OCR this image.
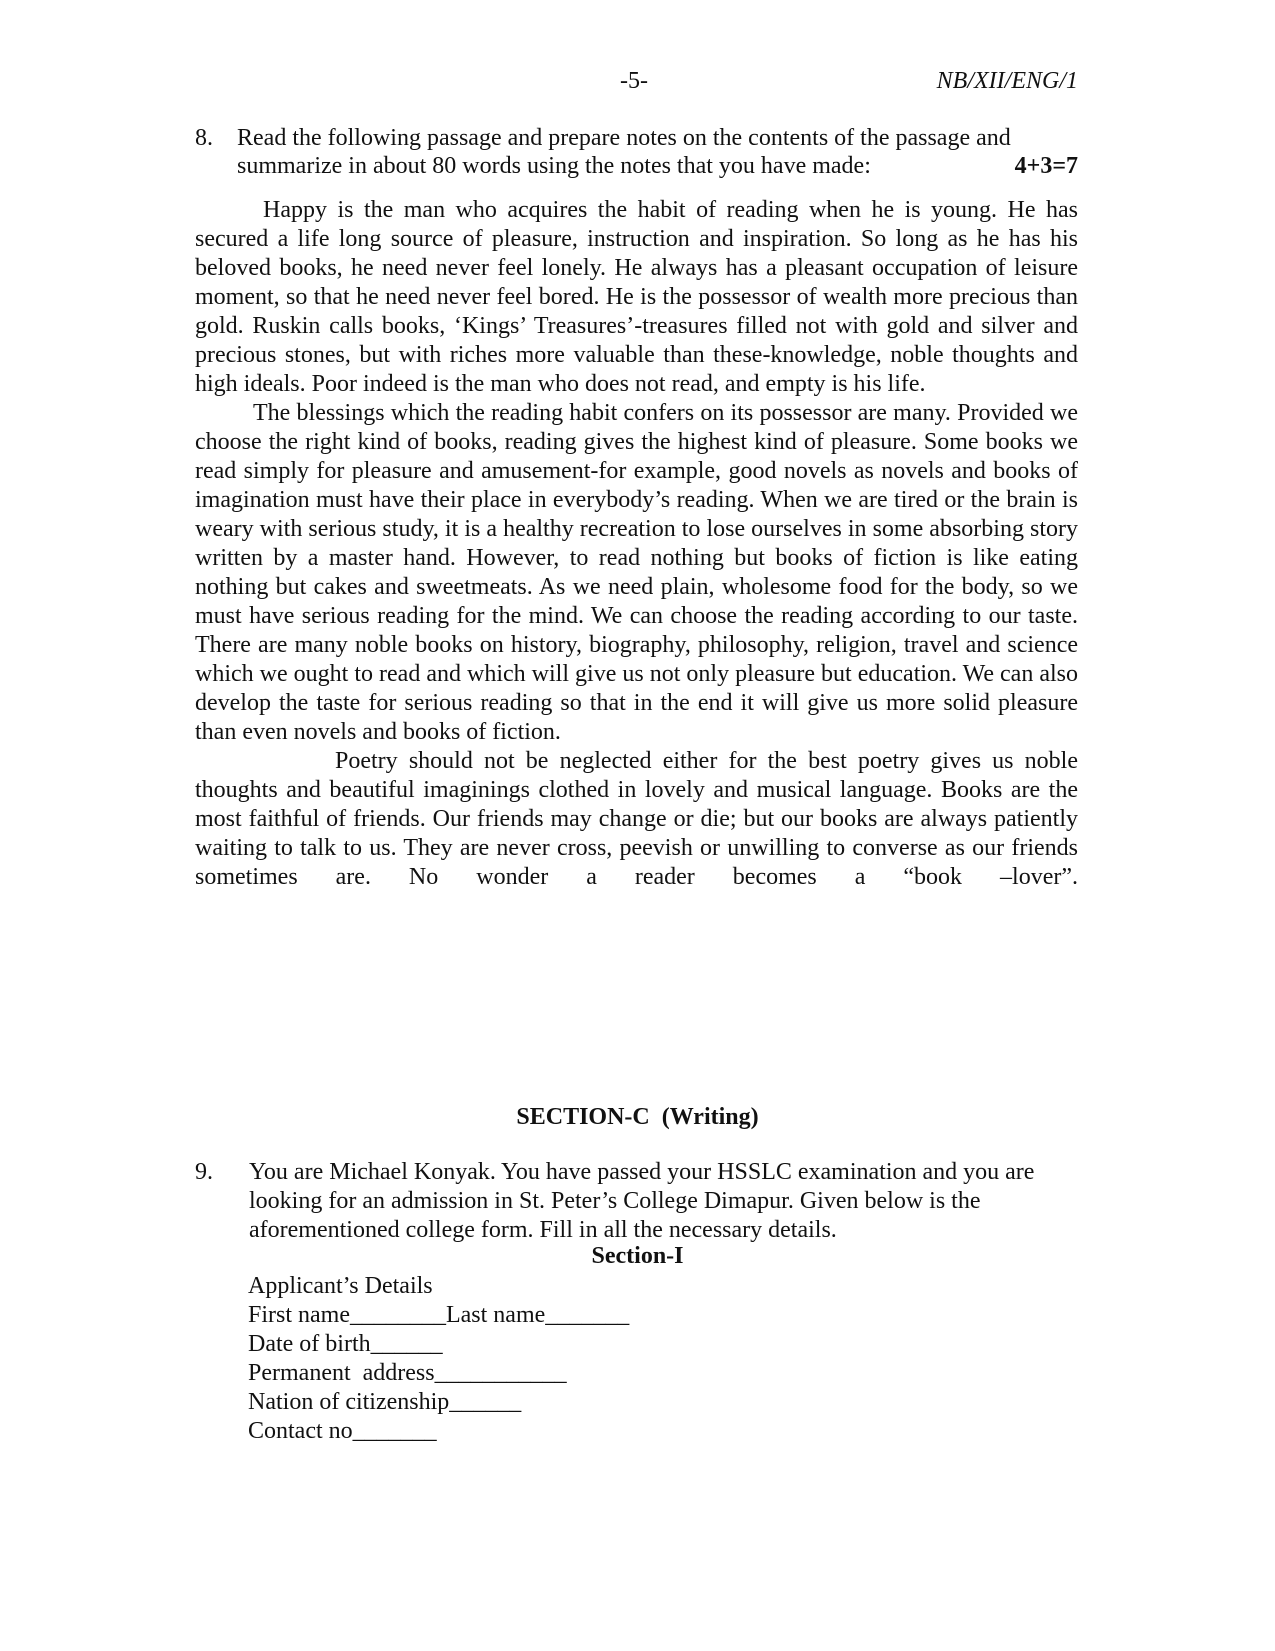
-5-	NB/XII/ENG/1
8. Read the following passage and prepare notes on the contents of the passage and
summarize in about 80 words using the notes that you have made:	4+3=7

Happy is the man who acquires the habit of reading when he is young. He has secured a life long source of pleasure, instruction and inspiration. So long as he has his beloved books, he need never feel lonely. He always has a pleasant occupation of leisure moment, so that he need never feel bored. He is the possessor of wealth more precious than gold. Ruskin calls books, ‘Kings’ Treasures’-treasures filled not with gold and silver and precious stones, but with riches more valuable than these-knowledge, noble thoughts and high ideals. Poor indeed is the man who does not read, and empty is his life.

The blessings which the reading habit confers on its possessor are many. Provided we choose the right kind of books, reading gives the highest kind of pleasure. Some books we read simply for pleasure and amusement-for example, good novels as novels and books of imagination must have their place in everybody’s reading. When we are tired or the brain is weary with serious study, it is a healthy recreation to lose ourselves in some absorbing story written by a master hand. However, to read nothing but books of fiction is like eating nothing but cakes and sweetmeats. As we need plain, wholesome food for the body, so we must have serious reading for the mind. We can choose the reading according to our taste. There are many noble books on history, biography, philosophy, religion, travel and science which we ought to read and which will give us not only pleasure but education. We can also develop the taste for serious reading so that in the end it will give us more solid pleasure than even novels and books of fiction.

Poetry should not be neglected either for the best poetry gives us noble thoughts and beautiful imaginings clothed in lovely and musical language. Books are the most faithful of friends. Our friends may change or die; but our books are always patiently waiting to talk to us. They are never cross, peevish or unwilling to converse as our friends sometimes are. No wonder a reader becomes a “book –lover”.

SECTION-C  (Writing)
9. You are Michael Konyak. You have passed your HSSLC examination and you are looking for an admission in St. Peter’s College Dimapur. Given below is the aforementioned college form. Fill in all the necessary details.
Section-I
Applicant’s Details
First name________Last name_______
Date of birth______
Permanent  address___________
Nation of citizenship______
Contact no_______
